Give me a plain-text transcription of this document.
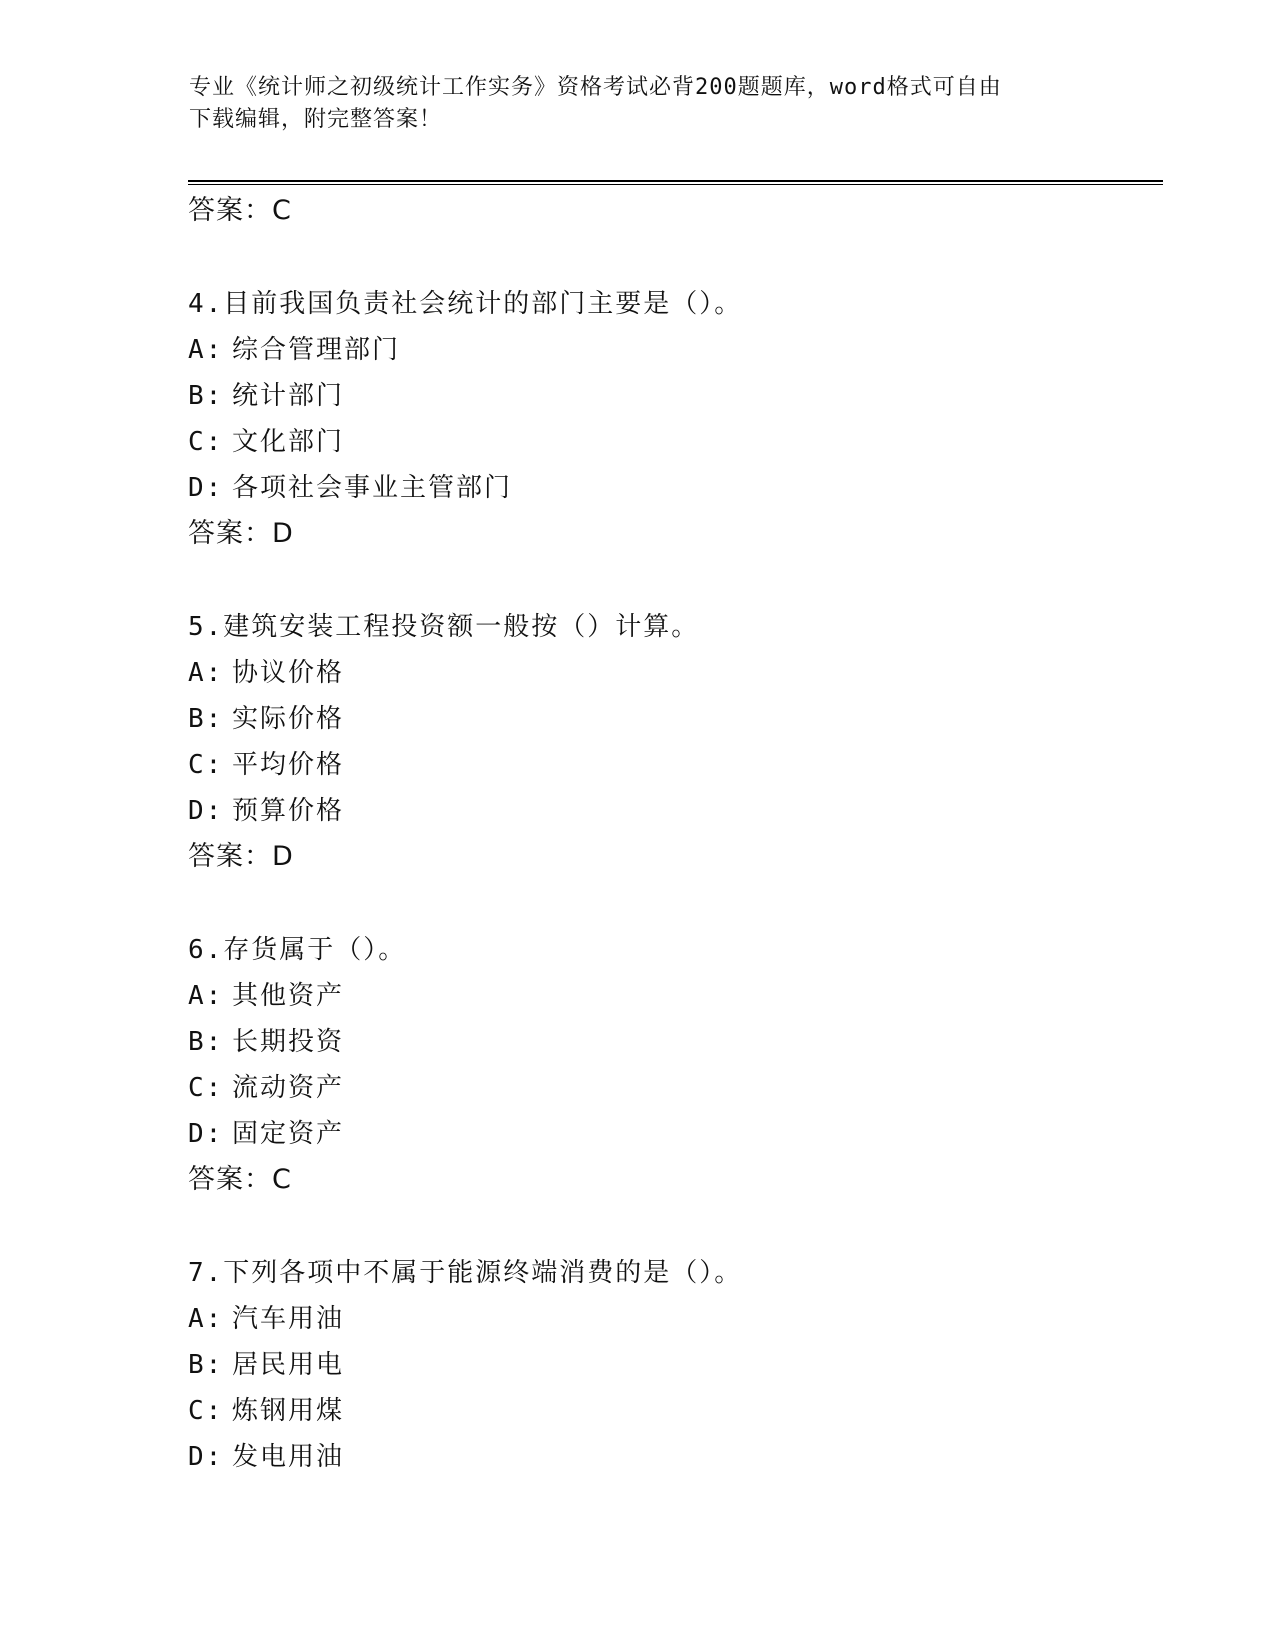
专业《统计师之初级统计工作实务》资格考试必背200题题库，word格式可自由
下载编辑，附完整答案！
答案：C
4.目前我国负责社会统计的部门主要是（）。
A: 综合管理部门
B: 统计部门
C: 文化部门
D: 各项社会事业主管部门
答案：D
5.建筑安装工程投资额一般按（）计算。
A: 协议价格
B: 实际价格
C: 平均价格
D: 预算价格
答案：D
6.存货属于（）。
A: 其他资产
B: 长期投资
C: 流动资产
D: 固定资产
答案：C
7.下列各项中不属于能源终端消费的是（）。
A: 汽车用油
B: 居民用电
C: 炼钢用煤
D: 发电用油
